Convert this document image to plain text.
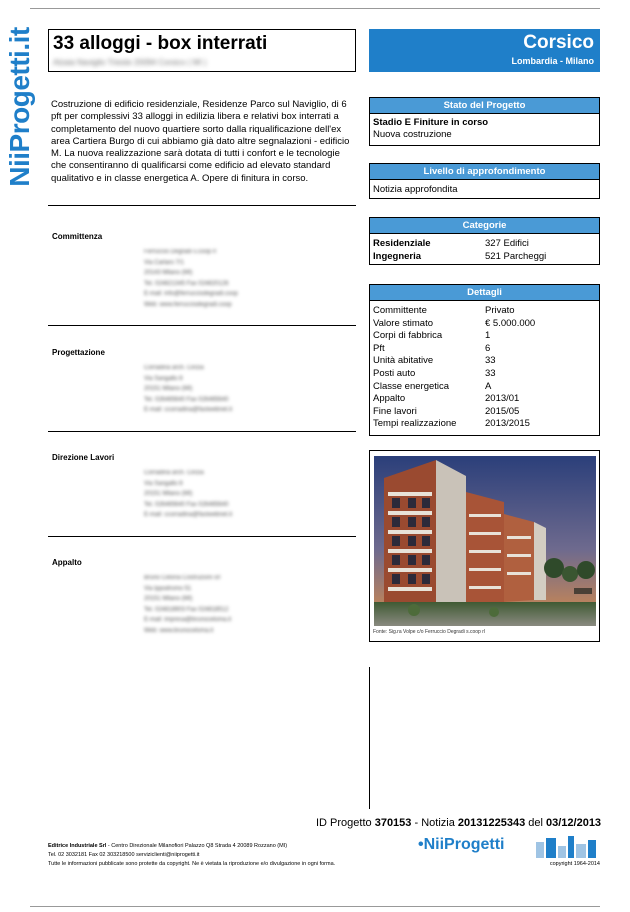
NiiProgetti.it 33 alloggi - box interrati
Alzaia Naviglio Trieste 20094 Corsico ( MI )
Corsico
Lombardia - Milano
Costruzione di edificio residenziale, Residenze Parco sul Naviglio, di 6 pft per complessivi 33 alloggi in edilizia libera e relativi box interrati a completamento del nuovo quartiere sorto dalla riqualificazione dell'ex area Cartiera Burgo di cui abbiamo già dato altre segnalazioni - edificio M. La nuova realizzazione sarà dotata di tutti i confort e le tecnologie che consentiranno di qualificarsi come edificio ad elevato standard qualitativo e in classe energetica A. Opere di finitura in corso.
Committenza
Ferruccio Degradi s.coop rl
Via Carlaro 7/1
20143 Milano (MI)
Tel. 024821345 Fax 024820126
E-mail: info@ferrucciodegradi.coop
Web: www.ferrucciodegradi.coop
Progettazione
Corradina arch. Cinzia
Via Sangallo 8
20151 Milano (MI)
Tel. 026465640 Fax 026465640
E-mail: ccorradina@fastwebnet.it
Direzione Lavori
Corradina arch. Cinzia
Via Sangallo 8
20151 Milano (MI)
Tel. 026465640 Fax 026465640
E-mail: ccorradina@fastwebnet.it
Appalto
Bruno Celona Costruzioni srl
Via Ippodromo 51
20151 Milano (MI)
Tel. 024818903 Fax 024818512
E-mail: impresa@brunoceloma.it
Web: www.brunoceloma.it
Stato del Progetto
Stadio E Finiture in corso
Nuova costruzione
Livello di approfondimento
Notizia approfondita
Categorie
Residenziale	327 Edifici
Ingegneria	521 Parcheggi
Dettagli
Committente	Privato
Valore stimato	€ 5.000.000
Corpi di fabbrica	1
Pft	6
Unità abitative	33
Posti auto	33
Classe energetica	A
Appalto	2013/01
Fine lavori	2015/05
Tempi realizzazione	2013/2015
Fonte: Sig.ra Volpe c/o Ferruccio Degradi s.coop rl
ID Progetto 370153 - Notizia 20131225343 del 03/12/2013
Editrice Industriale Srl - Centro Direzionale Milanofiori Palazzo Q8 Strada 4 20089 Rozzano (MI)
Tel. 02 3032181 Fax 02 303218500 serviziclienti@niiprogetti.it
Tutte le informazioni pubblicate sono protette da copyright. Ne è vietata la riproduzione e/o divulgazione in ogni forma.
•NiiProgetti
copyright 1964-2014
